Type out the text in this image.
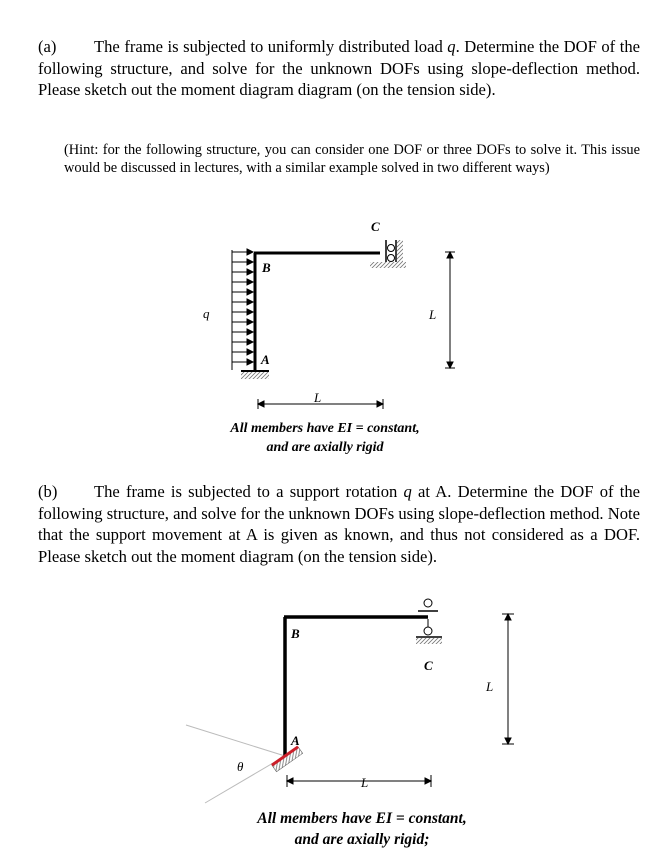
(a)	The frame is subjected to uniformly distributed load q. Determine the DOF of the following structure, and solve for the unknown DOFs using slope-deflection method. Please sketch out the moment diagram diagram (on the tension side).

(Hint: for the following structure, you can consider one DOF or three DOFs to solve it. This issue would be discussed in lectures, with a similar example solved in two different ways)
q
A
B
C
L
L
All members have EI = constant,
and are axially rigid
(b)	The frame is subjected to a support rotation q at A. Determine the DOF of the following structure, and solve for the unknown DOFs using slope-deflection method. Note that the support movement at A is given as known, and thus not considered as a DOF. Please sketch out the moment diagram (on the tension side).

θ
A
B
C
L
L
All members have EI = constant,
and are axially rigid;
